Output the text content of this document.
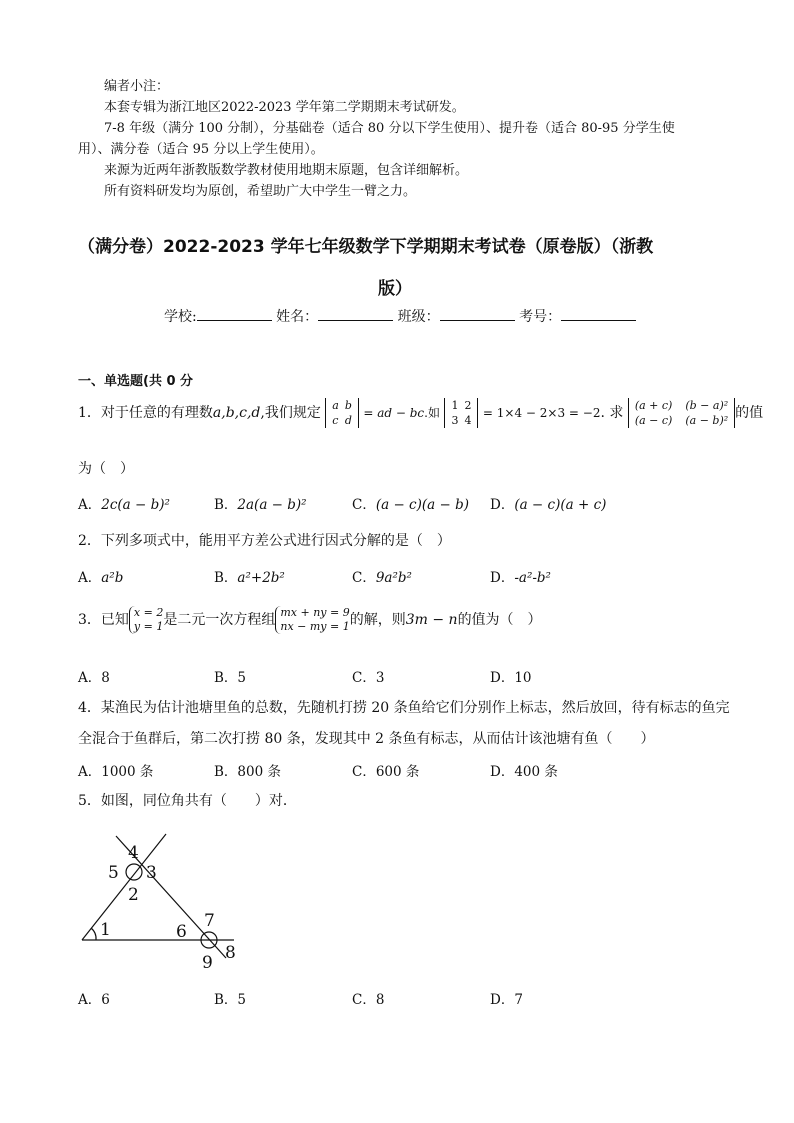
编者小注：
本套专辑为浙江地区2022-2023 学年第二学期期末考试研发。
7-8 年级（满分 100 分制），分基础卷（适合 80 分以下学生使用）、提升卷（适合 80-95 分学生使
用）、满分卷（适合 95 分以上学生使用）。
来源为近两年浙教版数学教材使用地期末原题，包含详细解析。
所有资料研发均为原创，希望助广大中学生一臂之力。
（满分卷）2022-2023 学年七年级数学下学期期末考试卷（原卷版）（浙教
版）
学校:	姓名：	班级：	考号：
一、单选题(共 0 分
1．对于任意的有理数a,b,c,d,我们规定 a	b
c	d
= ad − bc.如
1	2
3	4
= 1×4 − 2×3 = −2. 求 (a + c)	(b − a)²
(a − c)	(a − b)² 的值
为（　）
A．2c(a − b)²	B．2a(a − b)²	C．(a − c)(a − b) D．(a − c)(a + c)
2．下列多项式中，能用平方差公式进行因式分解的是（　）
A．a²b	B．a²+2b²	C．9a²b²	D．-a²-b²
3．已知 x = 2
y = 1是二元一次方程组 mx + ny = 9
nx − my = 1的解，则3m − n的值为（　）
A．8	B．5	C．3	D．10
4．某渔民为估计池塘里鱼的总数，先随机打捞 20 条鱼给它们分别作上标志，然后放回，待有标志的鱼完
全混合于鱼群后，第二次打捞 80 条，发现其中 2 条鱼有标志，从而估计该池塘有鱼（　　）
A．1000 条	B．800 条	C．600 条	D．400 条
5．如图，同位角共有（　　）对．
4
5 3
2
1	6
7
8
9
A．6	B．5	C．8	D．7
